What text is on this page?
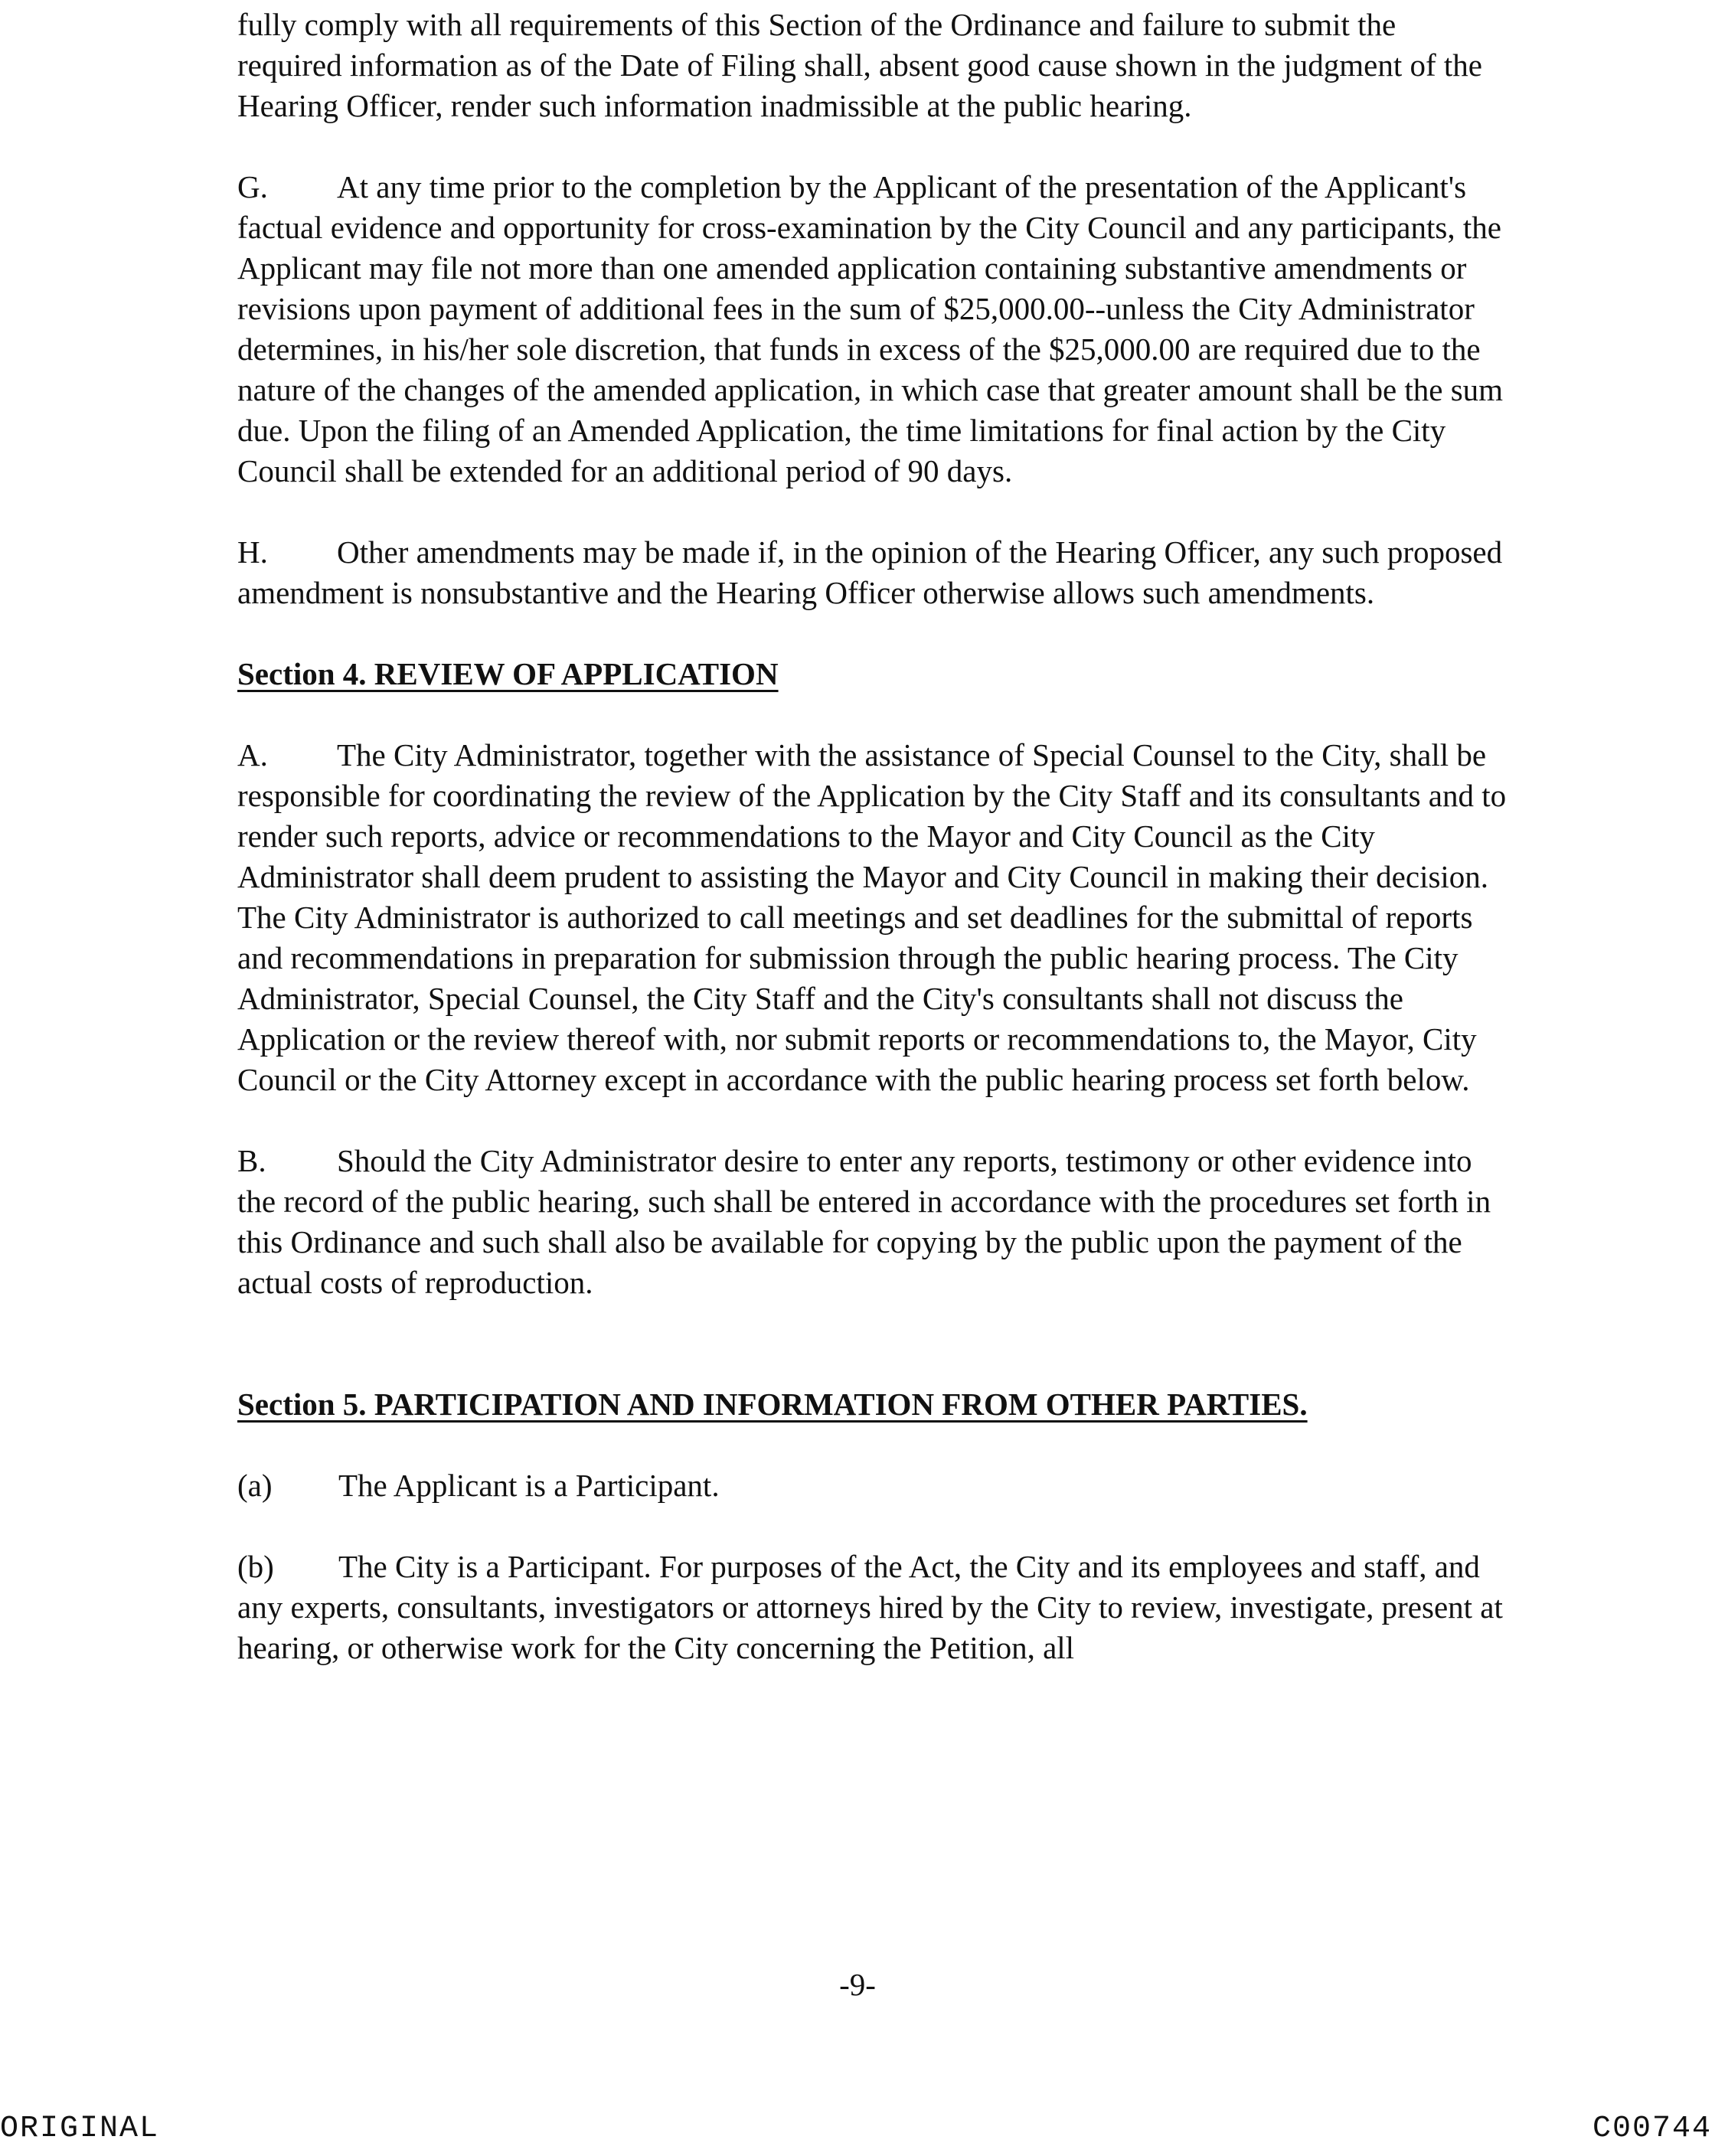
fully comply with all requirements of this Section of the Ordinance and failure to submit the required information as of the Date of Filing shall, absent good cause shown in the judgment of the Hearing Officer, render such information inadmissible at the public hearing.

G. At any time prior to the completion by the Applicant of the presentation of the Applicant's factual evidence and opportunity for cross-examination by the City Council and any participants, the Applicant may file not more than one amended application containing substantive amendments or revisions upon payment of additional fees in the sum of $25,000.00--unless the City Administrator determines, in his/her sole discretion, that funds in excess of the $25,000.00 are required due to the nature of the changes of the amended application, in which case that greater amount shall be the sum due. Upon the filing of an Amended Application, the time limitations for final action by the City Council shall be extended for an additional period of 90 days.

H. Other amendments may be made if, in the opinion of the Hearing Officer, any such proposed amendment is nonsubstantive and the Hearing Officer otherwise allows such amendments.

Section 4. REVIEW OF APPLICATION

A. The City Administrator, together with the assistance of Special Counsel to the City, shall be responsible for coordinating the review of the Application by the City Staff and its consultants and to render such reports, advice or recommendations to the Mayor and City Council as the City Administrator shall deem prudent to assisting the Mayor and City Council in making their decision. The City Administrator is authorized to call meetings and set deadlines for the submittal of reports and recommendations in preparation for submission through the public hearing process. The City Administrator, Special Counsel, the City Staff and the City's consultants shall not discuss the Application or the review thereof with, nor submit reports or recommendations to, the Mayor, City Council or the City Attorney except in accordance with the public hearing process set forth below.

B. Should the City Administrator desire to enter any reports, testimony or other evidence into the record of the public hearing, such shall be entered in accordance with the procedures set forth in this Ordinance and such shall also be available for copying by the public upon the payment of the actual costs of reproduction.

Section 5. PARTICIPATION AND INFORMATION FROM OTHER PARTIES.

(a) The Applicant is a Participant.

(b) The City is a Participant. For purposes of the Act, the City and its employees and staff, and any experts, consultants, investigators or attorneys hired by the City to review, investigate, present at hearing, or otherwise work for the City concerning the Petition, all

-9-
ORIGINAL	C00744
